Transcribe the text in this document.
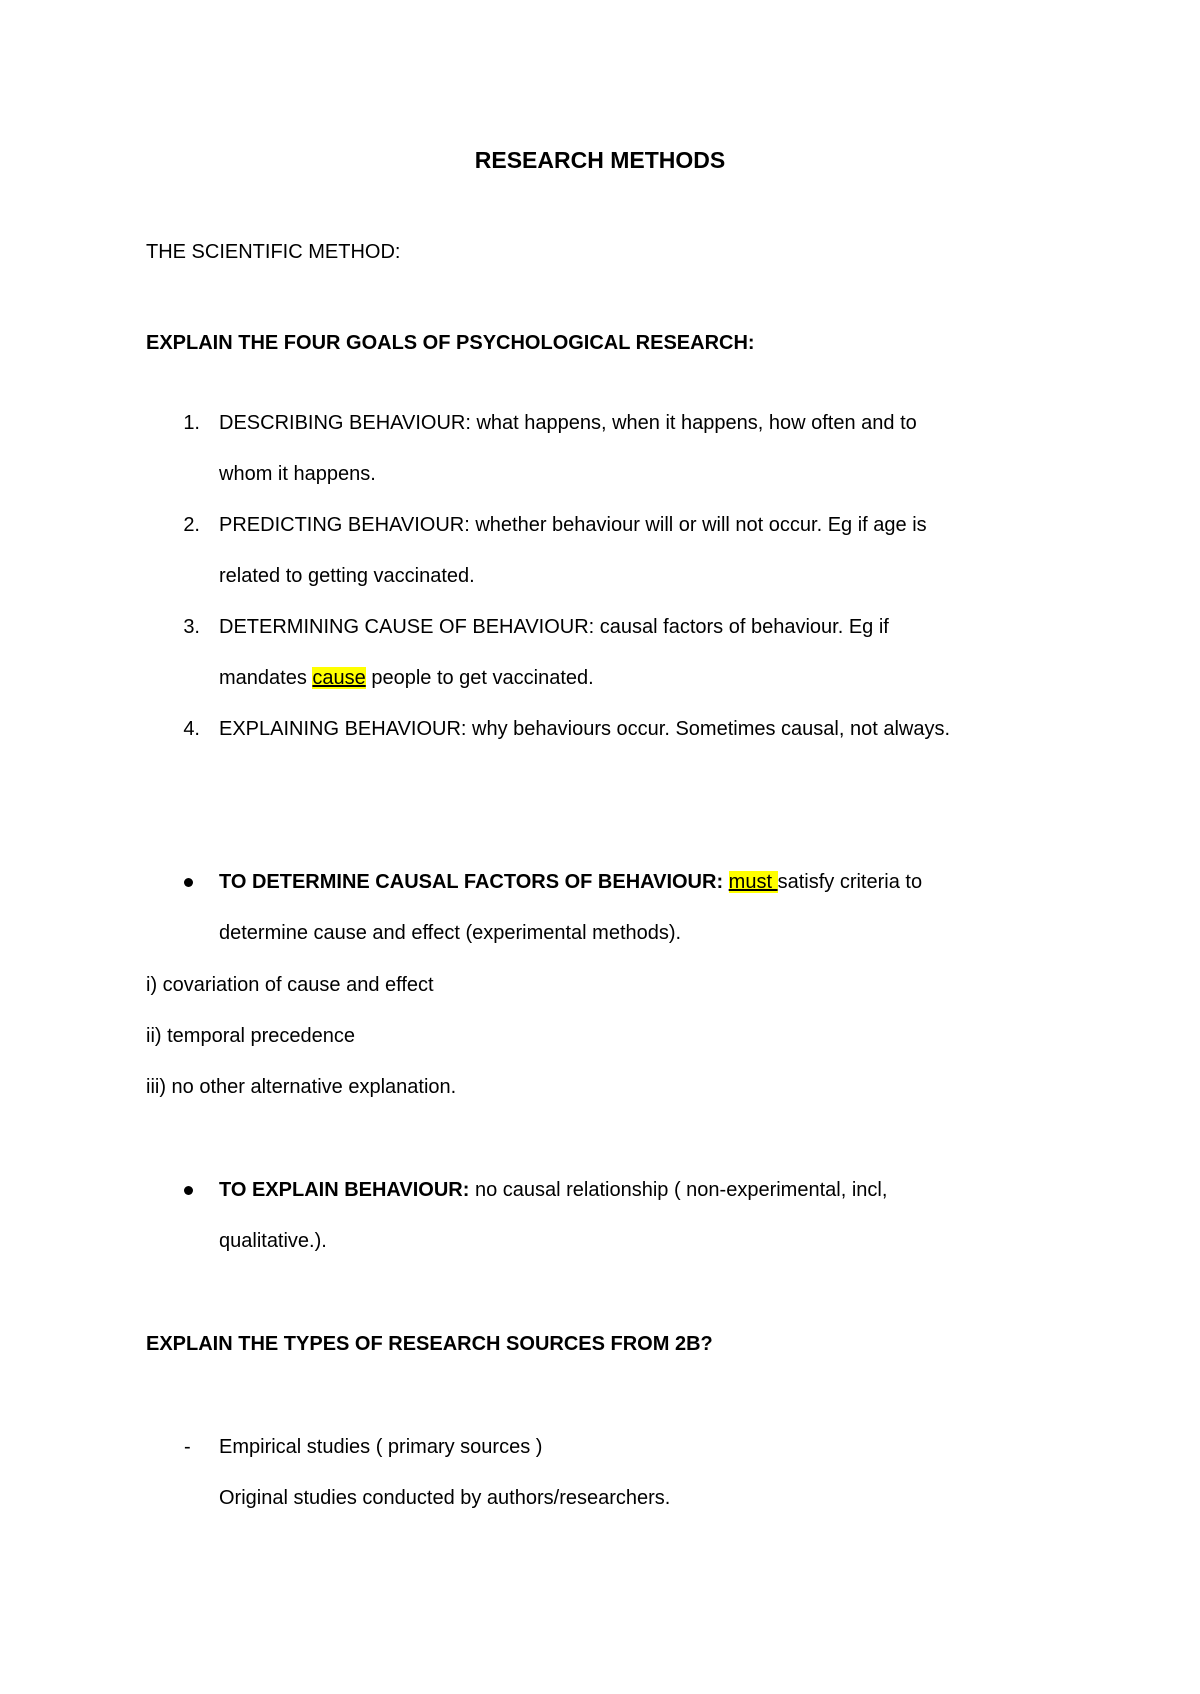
RESEARCH METHODS
THE SCIENTIFIC METHOD:
EXPLAIN THE FOUR GOALS OF PSYCHOLOGICAL RESEARCH:
1. DESCRIBING BEHAVIOUR: what happens, when it happens, how often and to
whom it happens.
2. PREDICTING BEHAVIOUR: whether behaviour will or will not occur. Eg if age is
related to getting vaccinated.
3. DETERMINING CAUSE OF BEHAVIOUR: causal factors of behaviour. Eg if
mandates cause people to get vaccinated.
4. EXPLAINING BEHAVIOUR: why behaviours occur. Sometimes causal, not always.
TO DETERMINE CAUSAL FACTORS OF BEHAVIOUR: must satisfy criteria to
determine cause and effect (experimental methods).
i) covariation of cause and effect
ii) temporal precedence
iii) no other alternative explanation.
TO EXPLAIN BEHAVIOUR: no causal relationship ( non-experimental, incl,
qualitative.).
EXPLAIN THE TYPES OF RESEARCH SOURCES FROM 2B?
- Empirical studies ( primary sources )
Original studies conducted by authors/researchers.
